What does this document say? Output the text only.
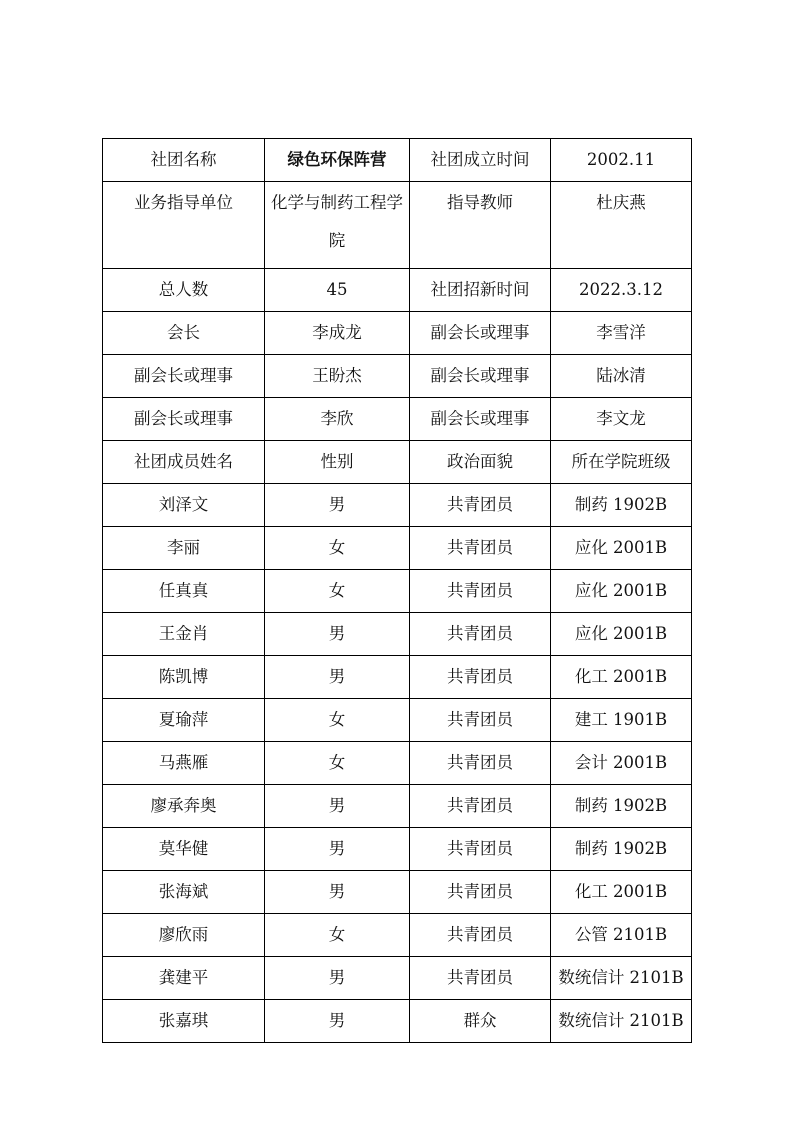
社团名称	绿色环保阵营	社团成立时间	2002.11
业务指导单位	化学与制药工程学院	指导教师	杜庆燕
总人数	45	社团招新时间	2022.3.12
会长	李成龙	副会长或理事	李雪洋
副会长或理事	王盼杰	副会长或理事	陆冰清
副会长或理事	李欣	副会长或理事	李文龙
社团成员姓名	性别	政治面貌	所在学院班级
刘泽文	男	共青团员	制药 1902B
李丽	女	共青团员	应化 2001B
任真真	女	共青团员	应化 2001B
王金肖	男	共青团员	应化 2001B
陈凯博	男	共青团员	化工 2001B
夏瑜萍	女	共青团员	建工 1901B
马燕雁	女	共青团员	会计 2001B
廖承奔奥	男	共青团员	制药 1902B
莫华健	男	共青团员	制药 1902B
张海斌	男	共青团员	化工 2001B
廖欣雨	女	共青团员	公管 2101B
龚建平	男	共青团员	数统信计 2101B
张嘉琪	男	群众	数统信计 2101B
